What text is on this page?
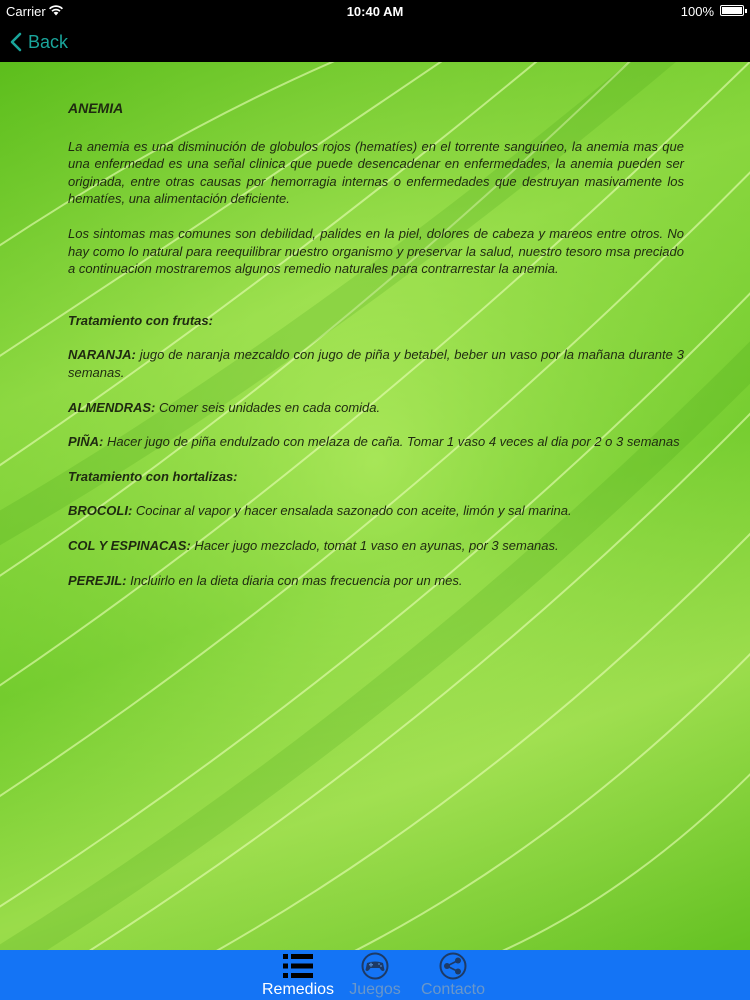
Carrier	10:40 AM	100%
Back
ANEMIA

La anemia es una disminución de globulos rojos (hematíes) en el torrente sanguineo, la anemia mas que una enfermedad es una señal clinica que puede desencadenar en enfermedades, la anemia pueden ser originada, entre otras causas por hemorragia internas o enfermedades que destruyan masivamente los hematíes, una alimentación deficiente.

Los sintomas mas comunes son debilidad, palides en la piel, dolores de cabeza y mareos entre otros. No hay como lo natural para reequilibrar nuestro organismo y preservar la salud, nuestro tesoro msa preciado a continuacion mostraremos algunos remedio naturales para contrarrestar la anemia.

Tratamiento con frutas:

NARANJA: jugo de naranja mezcaldo con jugo de piña y betabel, beber un vaso por la mañana durante 3 semanas.

ALMENDRAS: Comer seis unidades en cada comida.

PIÑA: Hacer jugo de piña endulzado con melaza de caña. Tomar 1 vaso 4 veces al dia por 2 o 3 semanas

Tratamiento con hortalizas:

BROCOLI: Cocinar al vapor y hacer ensalada sazonado con aceite, limón y sal marina.

COL Y ESPINACAS: Hacer jugo mezclado, tomat 1 vaso en ayunas, por 3 semanas.

PEREJIL: Incluirlo en la dieta diaria con mas frecuencia por un mes.

Remedios Juegos Contacto
